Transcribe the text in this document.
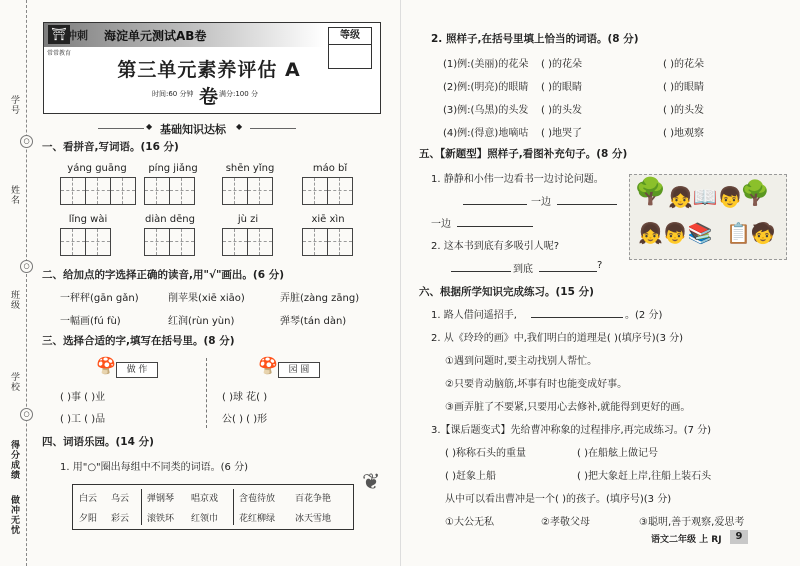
学号
○
姓名
○
班级
学校
○
得分成绩
做冲无忧
⛩ 冲刺 海淀单元测试AB卷
常常教育
等级
第三单元素养评估 A 卷
时间:60 分钟	满分:100 分
◆ 基础知识达标 ◆
一、看拼音,写词语。(16 分)
yáng guāng	píng jiǎng	shēn yǐng	máo bǐ
lǐng wài	diàn dēng	jù zi	xiē xìn
二、给加点的字选择正确的读音,用"√"画出。(6 分)
一秤秤(gān gǎn)	削苹果(xiē xiāo)	弄脏(zàng zāng)
一幅画(fú fù)	红润(rùn yùn)	弹琴(tán dàn)
三、选择合适的字,填写在括号里。(8 分)
🍄	做 作	🍄	园 圆
( )事 ( )业
( )工 ( )品
( )球 花( )
公( ) ( )形
四、词语乐园。(14 分)
1. 用"○"圈出每组中不同类的词语。(6 分)
白云 乌云 弹钢琴 唱京戏 含苞待放 百花争艳
夕阳 彩云 滚铁环 红领巾 花红柳绿 冰天雪地
❦
2. 照样子,在括号里填上恰当的词语。(8 分)
(1)例:(美丽)的花朵 ( )的花朵	( )的花朵
(2)例:(明亮)的眼睛 ( )的眼睛	( )的眼睛
(3)例:(乌黑)的头发 ( )的头发	( )的头发
(4)例:(得意)地嘀咕 ( )地哭了	( )地观察
五、【新题型】照样子,看图补充句子。(8 分)
1. 静静和小伟一边看书一边讨论问题。
一边
一边
2. 这本书到底有多吸引人呢?
到底	?
🌳 👧📖👦
🌳
👧👦📚 📋🧒
六、根据所学知识完成练习。(15 分)
1. 路人借问遥招手,	。(2 分)
2. 从《玲玲的画》中,我们明白的道理是( )(填序号)(3 分)
①遇到问题时,要主动找别人帮忙。
②只要肯动脑筋,坏事有时也能变成好事。
③画弄脏了不要紧,只要用心去修补,就能得到更好的画。
3.【课后题变式】先给曹冲称象的过程排序,再完成练习。(7 分)
( )称称石头的重量	( )在船舷上做记号
( )赶象上船	( )把大象赶上岸,往船上装石头
从中可以看出曹冲是一个( )的孩子。(填序号)(3 分)
①大公无私	②孝敬父母	③聪明,善于观察,爱思考
语文二年级 上 RJ	9
